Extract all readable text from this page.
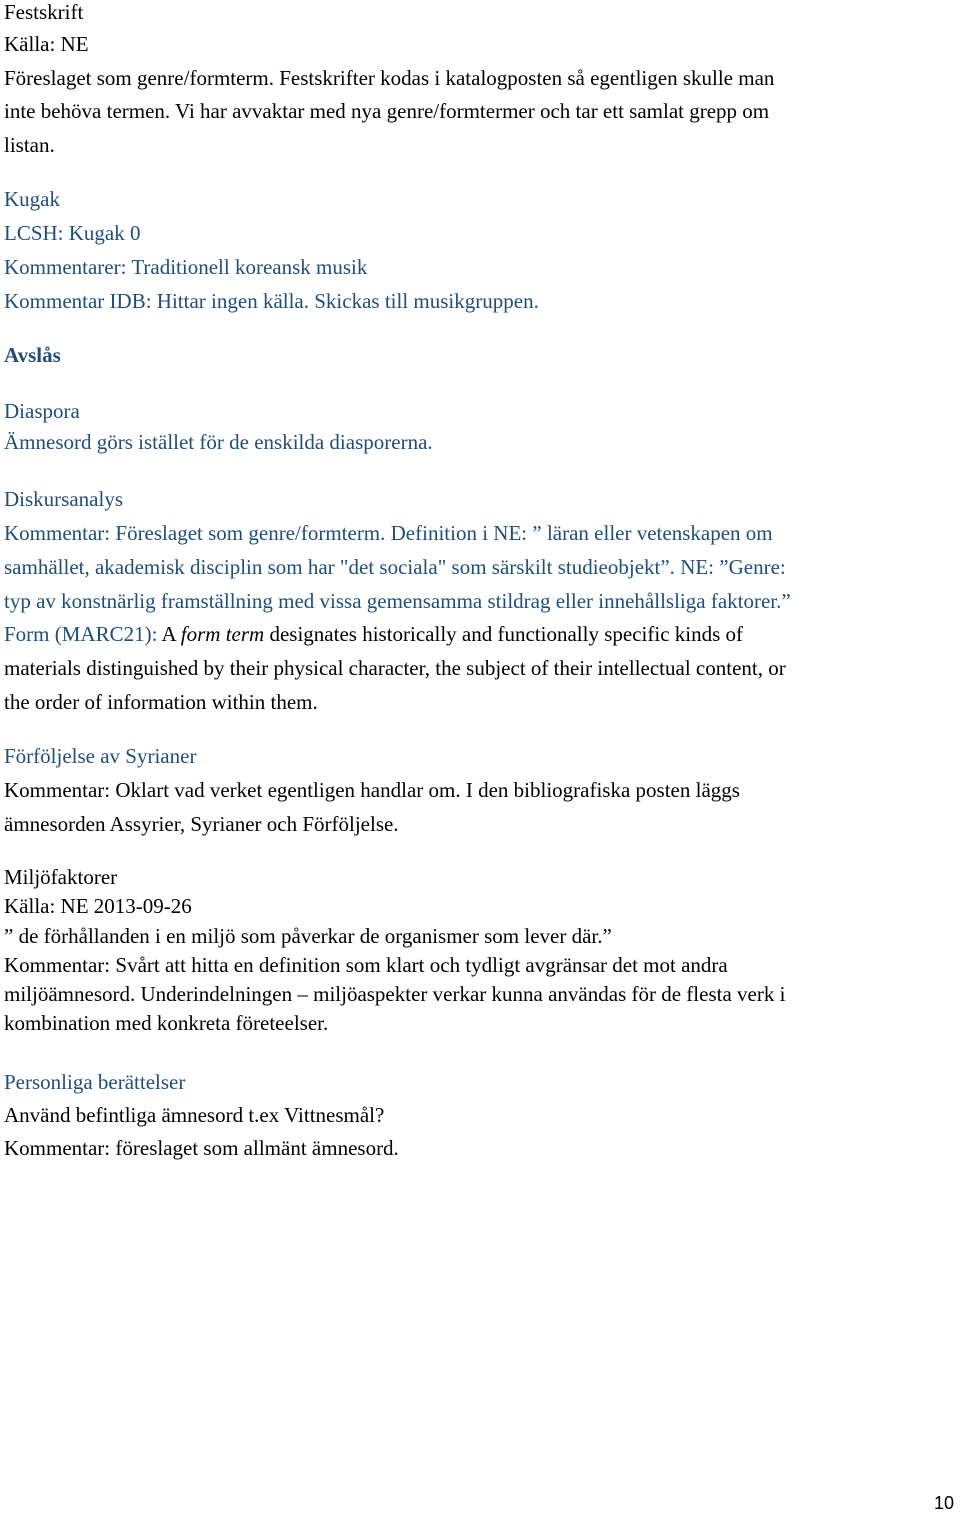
Festskrift
Källa: NE
Föreslaget som genre/formterm. Festskrifter kodas i katalogposten så egentligen skulle man
inte behöva termen. Vi har avvaktar med nya genre/formtermer och tar ett samlat grepp om
listan.
Kugak
LCSH: Kugak 0
Kommentarer: Traditionell koreansk musik
Kommentar IDB: Hittar ingen källa. Skickas till musikgruppen.
Avslås
Diaspora
Ämnesord görs istället för de enskilda diasporerna.
Diskursanalys
Kommentar: Föreslaget som genre/formterm. Definition i NE: ” läran eller vetenskapen om
samhället, akademisk disciplin som har "det sociala" som särskilt studieobjekt”. NE: ”Genre:
typ av konstnärlig framställning med vissa gemensamma stildrag eller innehållsliga faktorer.”
Form (MARC21): A form term designates historically and functionally specific kinds of
materials distinguished by their physical character, the subject of their intellectual content, or
the order of information within them.
Förföljelse av Syrianer
Kommentar: Oklart vad verket egentligen handlar om. I den bibliografiska posten läggs
ämnesorden Assyrier, Syrianer och Förföljelse.
Miljöfaktorer
Källa: NE 2013-09-26
” de förhållanden i en miljö som påverkar de organismer som lever där.”
Kommentar: Svårt att hitta en definition som klart och tydligt avgränsar det mot andra
miljöämnesord. Underindelningen – miljöaspekter verkar kunna användas för de flesta verk i
kombination med konkreta företeelser.
Personliga berättelser
Använd befintliga ämnesord t.ex Vittnesmål?
Kommentar: föreslaget som allmänt ämnesord.
10
